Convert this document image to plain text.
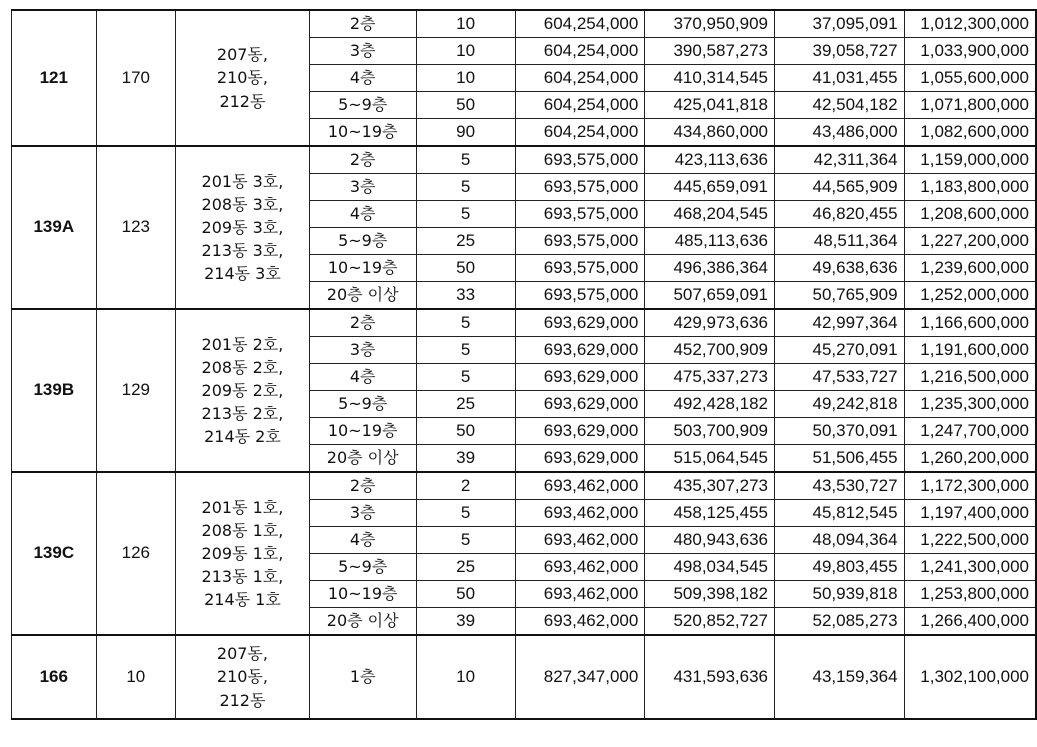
121	170	207동,
210동,
212동	2층	10	604,254,000	370,950,909	37,095,091	1,012,300,000
			3층	10	604,254,000	390,587,273	39,058,727	1,033,900,000
			4층	10	604,254,000	410,314,545	41,031,455	1,055,600,000
			5~9층	50	604,254,000	425,041,818	42,504,182	1,071,800,000
			10~19층	90	604,254,000	434,860,000	43,486,000	1,082,600,000
139A	123	201동 3호,
208동 3호,
209동 3호,
213동 3호,
214동 3호	2층	5	693,575,000	423,113,636	42,311,364	1,159,000,000
			3층	5	693,575,000	445,659,091	44,565,909	1,183,800,000
			4층	5	693,575,000	468,204,545	46,820,455	1,208,600,000
			5~9층	25	693,575,000	485,113,636	48,511,364	1,227,200,000
			10~19층	50	693,575,000	496,386,364	49,638,636	1,239,600,000
			20층 이상	33	693,575,000	507,659,091	50,765,909	1,252,000,000
139B	129	201동 2호,
208동 2호,
209동 2호,
213동 2호,
214동 2호	2층	5	693,629,000	429,973,636	42,997,364	1,166,600,000
			3층	5	693,629,000	452,700,909	45,270,091	1,191,600,000
			4층	5	693,629,000	475,337,273	47,533,727	1,216,500,000
			5~9층	25	693,629,000	492,428,182	49,242,818	1,235,300,000
			10~19층	50	693,629,000	503,700,909	50,370,091	1,247,700,000
			20층 이상	39	693,629,000	515,064,545	51,506,455	1,260,200,000
139C	126	201동 1호,
208동 1호,
209동 1호,
213동 1호,
214동 1호	2층	2	693,462,000	435,307,273	43,530,727	1,172,300,000
			3층	5	693,462,000	458,125,455	45,812,545	1,197,400,000
			4층	5	693,462,000	480,943,636	48,094,364	1,222,500,000
			5~9층	25	693,462,000	498,034,545	49,803,455	1,241,300,000
			10~19층	50	693,462,000	509,398,182	50,939,818	1,253,800,000
			20층 이상	39	693,462,000	520,852,727	52,085,273	1,266,400,000
166	10	207동,
210동,
212동	1층	10	827,347,000	431,593,636	43,159,364	1,302,100,000
